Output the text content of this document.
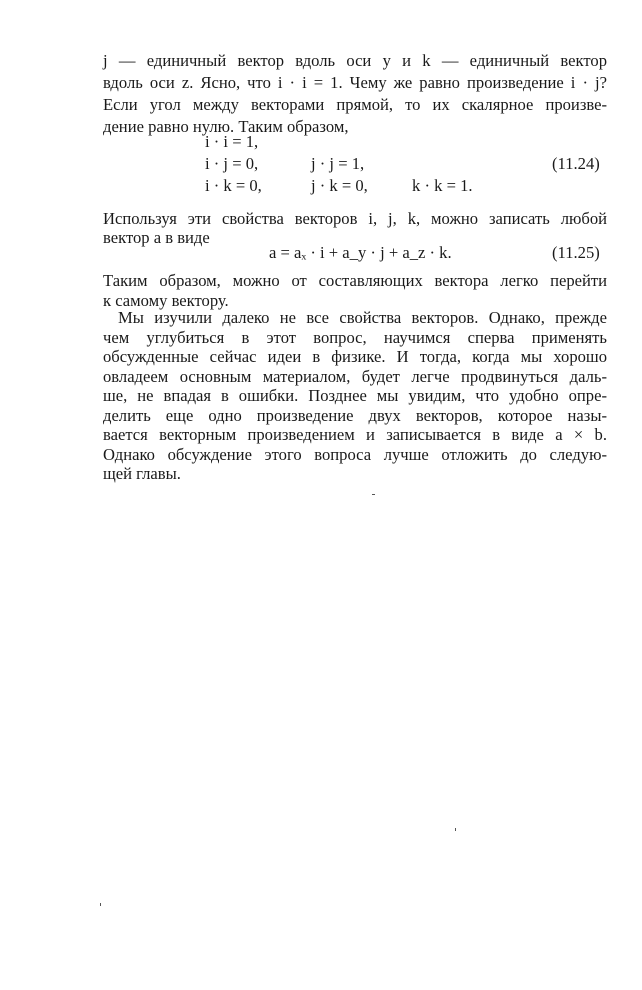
j — единичный вектор вдоль оси y и k — единичный вектор
вдоль оси z. Ясно, что i · i = 1. Чему же равно произведение i · j?
Если угол между векторами прямой, то их скалярное произве-
дение равно нулю. Таким образом,
i · i = 1,
i · j = 0,	j · j = 1,	(11.24)
i · k = 0,	j · k = 0,	k · k = 1.
Используя эти свойства векторов i, j, k, можно записать любой
вектор a в виде
a = aₓ · i + a_y · j + a_z · k.	(11.25)
Таким образом, можно от составляющих вектора легко перейти
к самому вектору.
Мы изучили далеко не все свойства векторов. Однако, прежде
чем углубиться в этот вопрос, научимся сперва применять
обсужденные сейчас идеи в физике. И тогда, когда мы хорошо
овладеем основным материалом, будет легче продвинуться даль-
ше, не впадая в ошибки. Позднее мы увидим, что удобно опре-
делить еще одно произведение двух векторов, которое назы-
вается векторным произведением и записывается в виде a × b.
Однако обсуждение этого вопроса лучше отложить до следую-
щей главы.
